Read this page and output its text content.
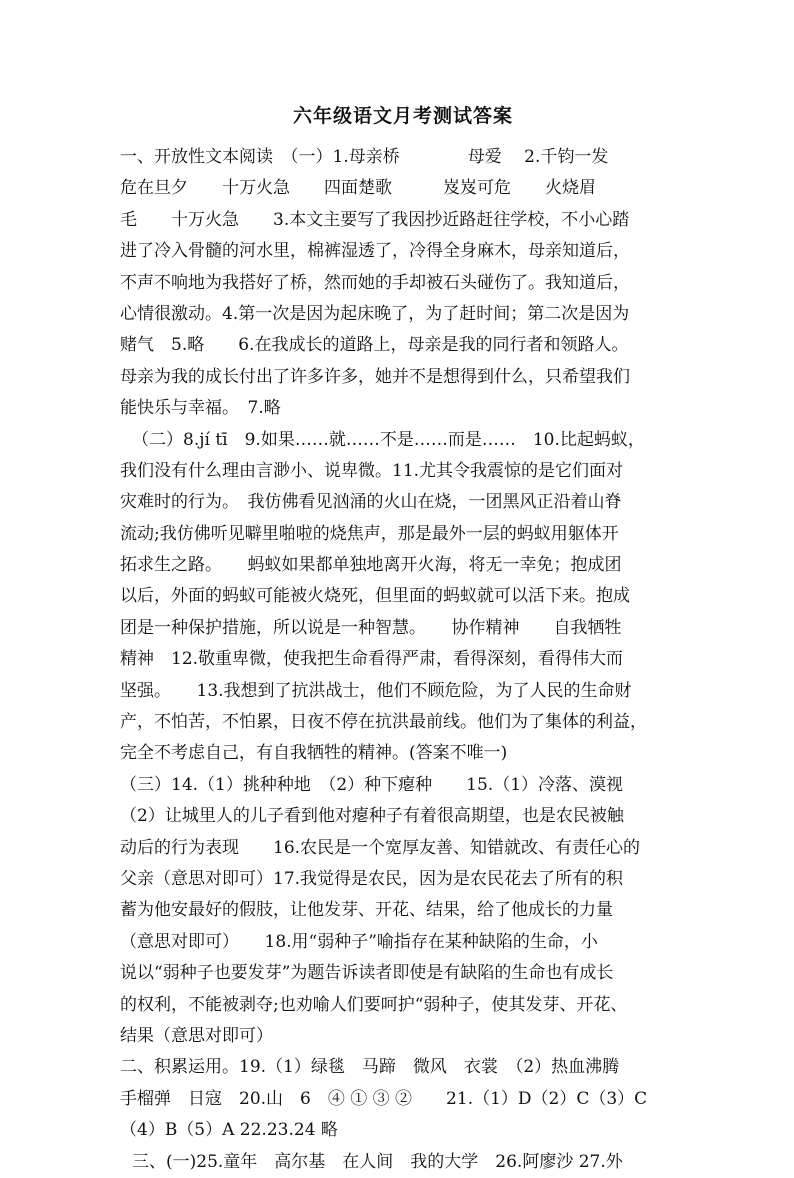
六年级语文月考测试答案
一、开放性文本阅读　（一）1.母亲桥　　　　母爱　 2.千钧一发
危在旦夕　　十万火急　　四面楚歌　　　岌岌可危　　火烧眉
毛　　十万火急　　3.本文主要写了我因抄近路赶往学校，不小心踏
进了冷入骨髓的河水里，棉裤湿透了，冷得全身麻木，母亲知道后，
不声不响地为我搭好了桥，然而她的手却被石头碰伤了。我知道后，
心情很激动。4.第一次是因为起床晚了，为了赶时间；第二次是因为
赌气　5.略　　6.在我成长的道路上，母亲是我的同行者和领路人。
母亲为我的成长付出了许多许多，她并不是想得到什么，只希望我们
能快乐与幸福。　7.略
（二）8.jí tī　9.如果……就……不是……而是……　10.比起蚂蚁，
我们没有什么理由言渺小、说卑微。11.尤其令我震惊的是它们面对
灾难时的行为。　我仿佛看见汹涌的火山在烧，一团黑风正沿着山脊
流动;我仿佛听见噼里啪啦的烧焦声，那是最外一层的蚂蚁用躯体开
拓求生之路。　　蚂蚁如果都单独地离开火海，将无一幸免；抱成团
以后，外面的蚂蚁可能被火烧死，但里面的蚂蚁就可以活下来。抱成
团是一种保护措施，所以说是一种智慧。　　协作精神　　自我牺牲
精神　12.敬重卑微，使我把生命看得严肃，看得深刻，看得伟大而
坚强。　　13.我想到了抗洪战士，他们不顾危险，为了人民的生命财
产，不怕苦，不怕累，日夜不停在抗洪最前线。他们为了集体的利益，
完全不考虑自己，有自我牺牲的精神。(答案不唯一)
（三）14.（1）挑种种地　（2）种下瘪种　　15.（1）冷落、漠视
（2）让城里人的儿子看到他对瘪种子有着很高期望，也是农民被触
动后的行为表现　　16.农民是一个宽厚友善、知错就改、有责任心的
父亲（意思对即可）17.我觉得是农民，因为是农民花去了所有的积
蓄为他安最好的假肢，让他发芽、开花、结果，给了他成长的力量
（意思对即可）　　18.用“弱种子”喻指存在某种缺陷的生命，小
说以“弱种子也要发芽”为题告诉读者即使是有缺陷的生命也有成长
的权利，不能被剥夺;也劝喻人们要呵护“弱种子，使其发芽、开花、
结果（意思对即可）
二、积累运用。19.（1）绿毯　马蹄　微风　衣裳　（2）热血沸腾
手榴弹　日寇　20.山　6　④ ① ③ ②　　21.（1）D（2）C（3）C
（4）B（5）A 22.23.24 略
三、(一)25.童年　高尔基　在人间　我的大学　26.阿廖沙 27.外
